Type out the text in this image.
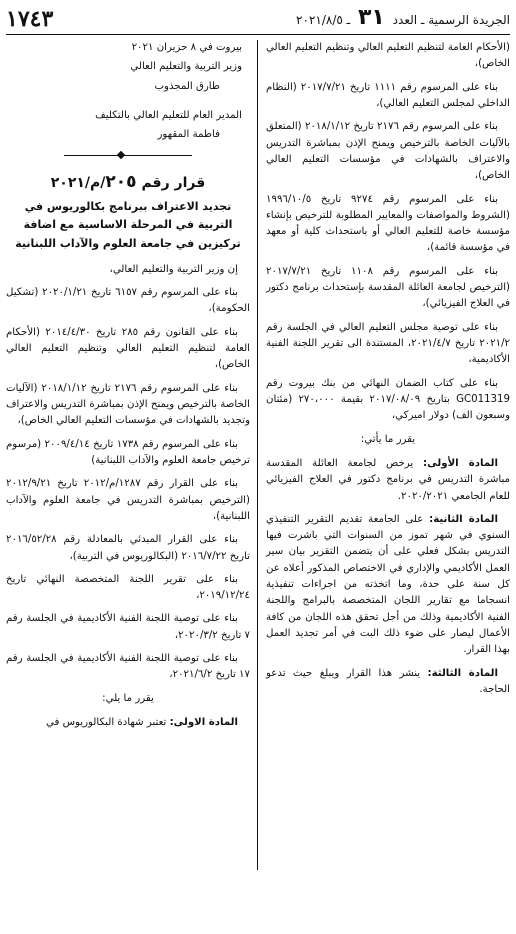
الجريدة الرسمية ـ العدد ٣١ ـ ٢٠٢١/٨/٥
١٧٤٣

(الأحكام العامة لتنظيم التعليم العالي وتنظيم التعليم العالي الخاص)،

بناء على المرسوم رقم ١١١١ تاريخ ٢٠١٧/٧/٢١ (النظام الداخلي لمجلس التعليم العالي)،

بناء على المرسوم رقم ٢١٧٦ تاريخ ٢٠١٨/١/١٢ (المتعلق بالآليات الخاصة بالترخيص ويمنح الإذن بمباشرة التدريس والاعتراف بالشهادات في مؤسسات التعليم العالي الخاص)،

بناء على المرسوم رقم ٩٢٧٤ تاريخ ١٩٩٦/١٠/٥ (الشروط والمواصفات والمعايير المطلوبة للترخيص بإنشاء مؤسسة خاصة للتعليم العالي أو باستحداث كلية أو معهد في مؤسسة قائمة)،

بناء على المرسوم رقم ١١٠٨ تاريخ ٢٠١٧/٧/٢١ (الترخيص لجامعة العائلة المقدسة بإستحداث برنامج دكتور في العلاج الفيزيائي)،

بناء على توصية مجلس التعليم العالي في الجلسة رقم ٢٠٢١/٢ تاريخ ٢٠٢١/٤/٧، المستندة الى تقرير اللجنة الفنية الأكاديمية،

بناء على كتاب الضمان النهائي من بنك بيروت رقم GC011319 بتاريخ ٢٠١٧/٠٨/٠٩ بقيمة ٢٧٠،٠٠٠ (مئتان وسبعون الف) دولار اميركي،

يقرر ما يأتي:

المادة الأولى: يرخص لجامعة العائلة المقدسة مباشرة التدريس في برنامج دكتور في العلاج الفيزيائي للعام الجامعي ٢٠٢٠/٢٠٢١.

المادة الثانية: على الجامعة تقديم التقرير التنفيذي السنوي في شهر تموز من السنوات التي باشرت فيها التدريس بشكل فعلي على أن يتضمن التقرير بيان سير العمل الأكاديمي والإداري في الاختصاص المذكور أعلاه عن كل سنة على حدة، وما اتخذته من اجراءات تنفيذية انسجاما مع تقارير اللجان المتخصصة بالبرامج واللجنة الفنية الأكاديمية وذلك من أجل تحقق هذه اللجان من كافة الأعمال ليصار على ضوء ذلك البت في أمر تجديد العمل بهذا القرار.

المادة الثالثة: ينشر هذا القرار ويبلغ حيث تدعو الحاجة.

بيروت في ٨ حزيران ٢٠٢١

وزير التربية والتعليم العالي

طارق المجذوب

المدير العام للتعليم العالي بالتكليف

فاطمة المقهور

قرار رقم ٢٠٥/م/٢٠٢١

تجديد الاعتراف ببرنامج بكالوريوس في التربية في المرحلة الاساسية مع اضافة تركيزين في جامعة العلوم والآداب اللبنانية

إن وزير التربية والتعليم العالي،

بناء على المرسوم رقم ٦١٥٧ تاريخ ٢٠٢٠/١/٢١ (تشكيل الحكومة)،

بناء على القانون رقم ٢٨٥ تاريخ ٢٠١٤/٤/٣٠ (الأحكام العامة لتنظيم التعليم العالي وتنظيم التعليم العالي الخاص)،

بناء على المرسوم رقم ٢١٧٦ تاريخ ٢٠١٨/١/١٢ (الآليات الخاصة بالترخيص ويمنح الإذن بمباشرة التدريس والاعتراف وتجديد بالشهادات في مؤسسات التعليم العالي الخاص)،

بناء على المرسوم رقم ١٧٣٨ تاريخ ٢٠٠٩/٤/١٤ (مرسوم ترخيص جامعة العلوم والآداب اللبنانية)

بناء على القرار رقم ١٢٨٧/م/٢٠١٢ تاريخ ٢٠١٢/٩/٢١ (الترخيص بمباشرة التدريس في جامعة العلوم والآداب اللبنانية)،

بناء على القرار المبدئي بالمعادلة رقم ٢٠١٦/٥٢/٢٨ تاريخ ٢٠١٦/٧/٢٢ (البكالوريوس في التربية)،

بناء على تقرير اللجنة المتخصصة النهائي تاريخ ٢٠١٩/١٢/٢٤،

بناء على توصية اللجنة الفنية الأكاديمية في الجلسة رقم ٧ تاريخ ٢٠٢٠/٣/٢،

بناء على توصية اللجنة الفنية الأكاديمية في الجلسة رقم ١٧ تاريخ ٢٠٢١/٦/٢،

يقرر ما يلي:

المادة الاولى: تعتبر شهادة البكالوريوس في
